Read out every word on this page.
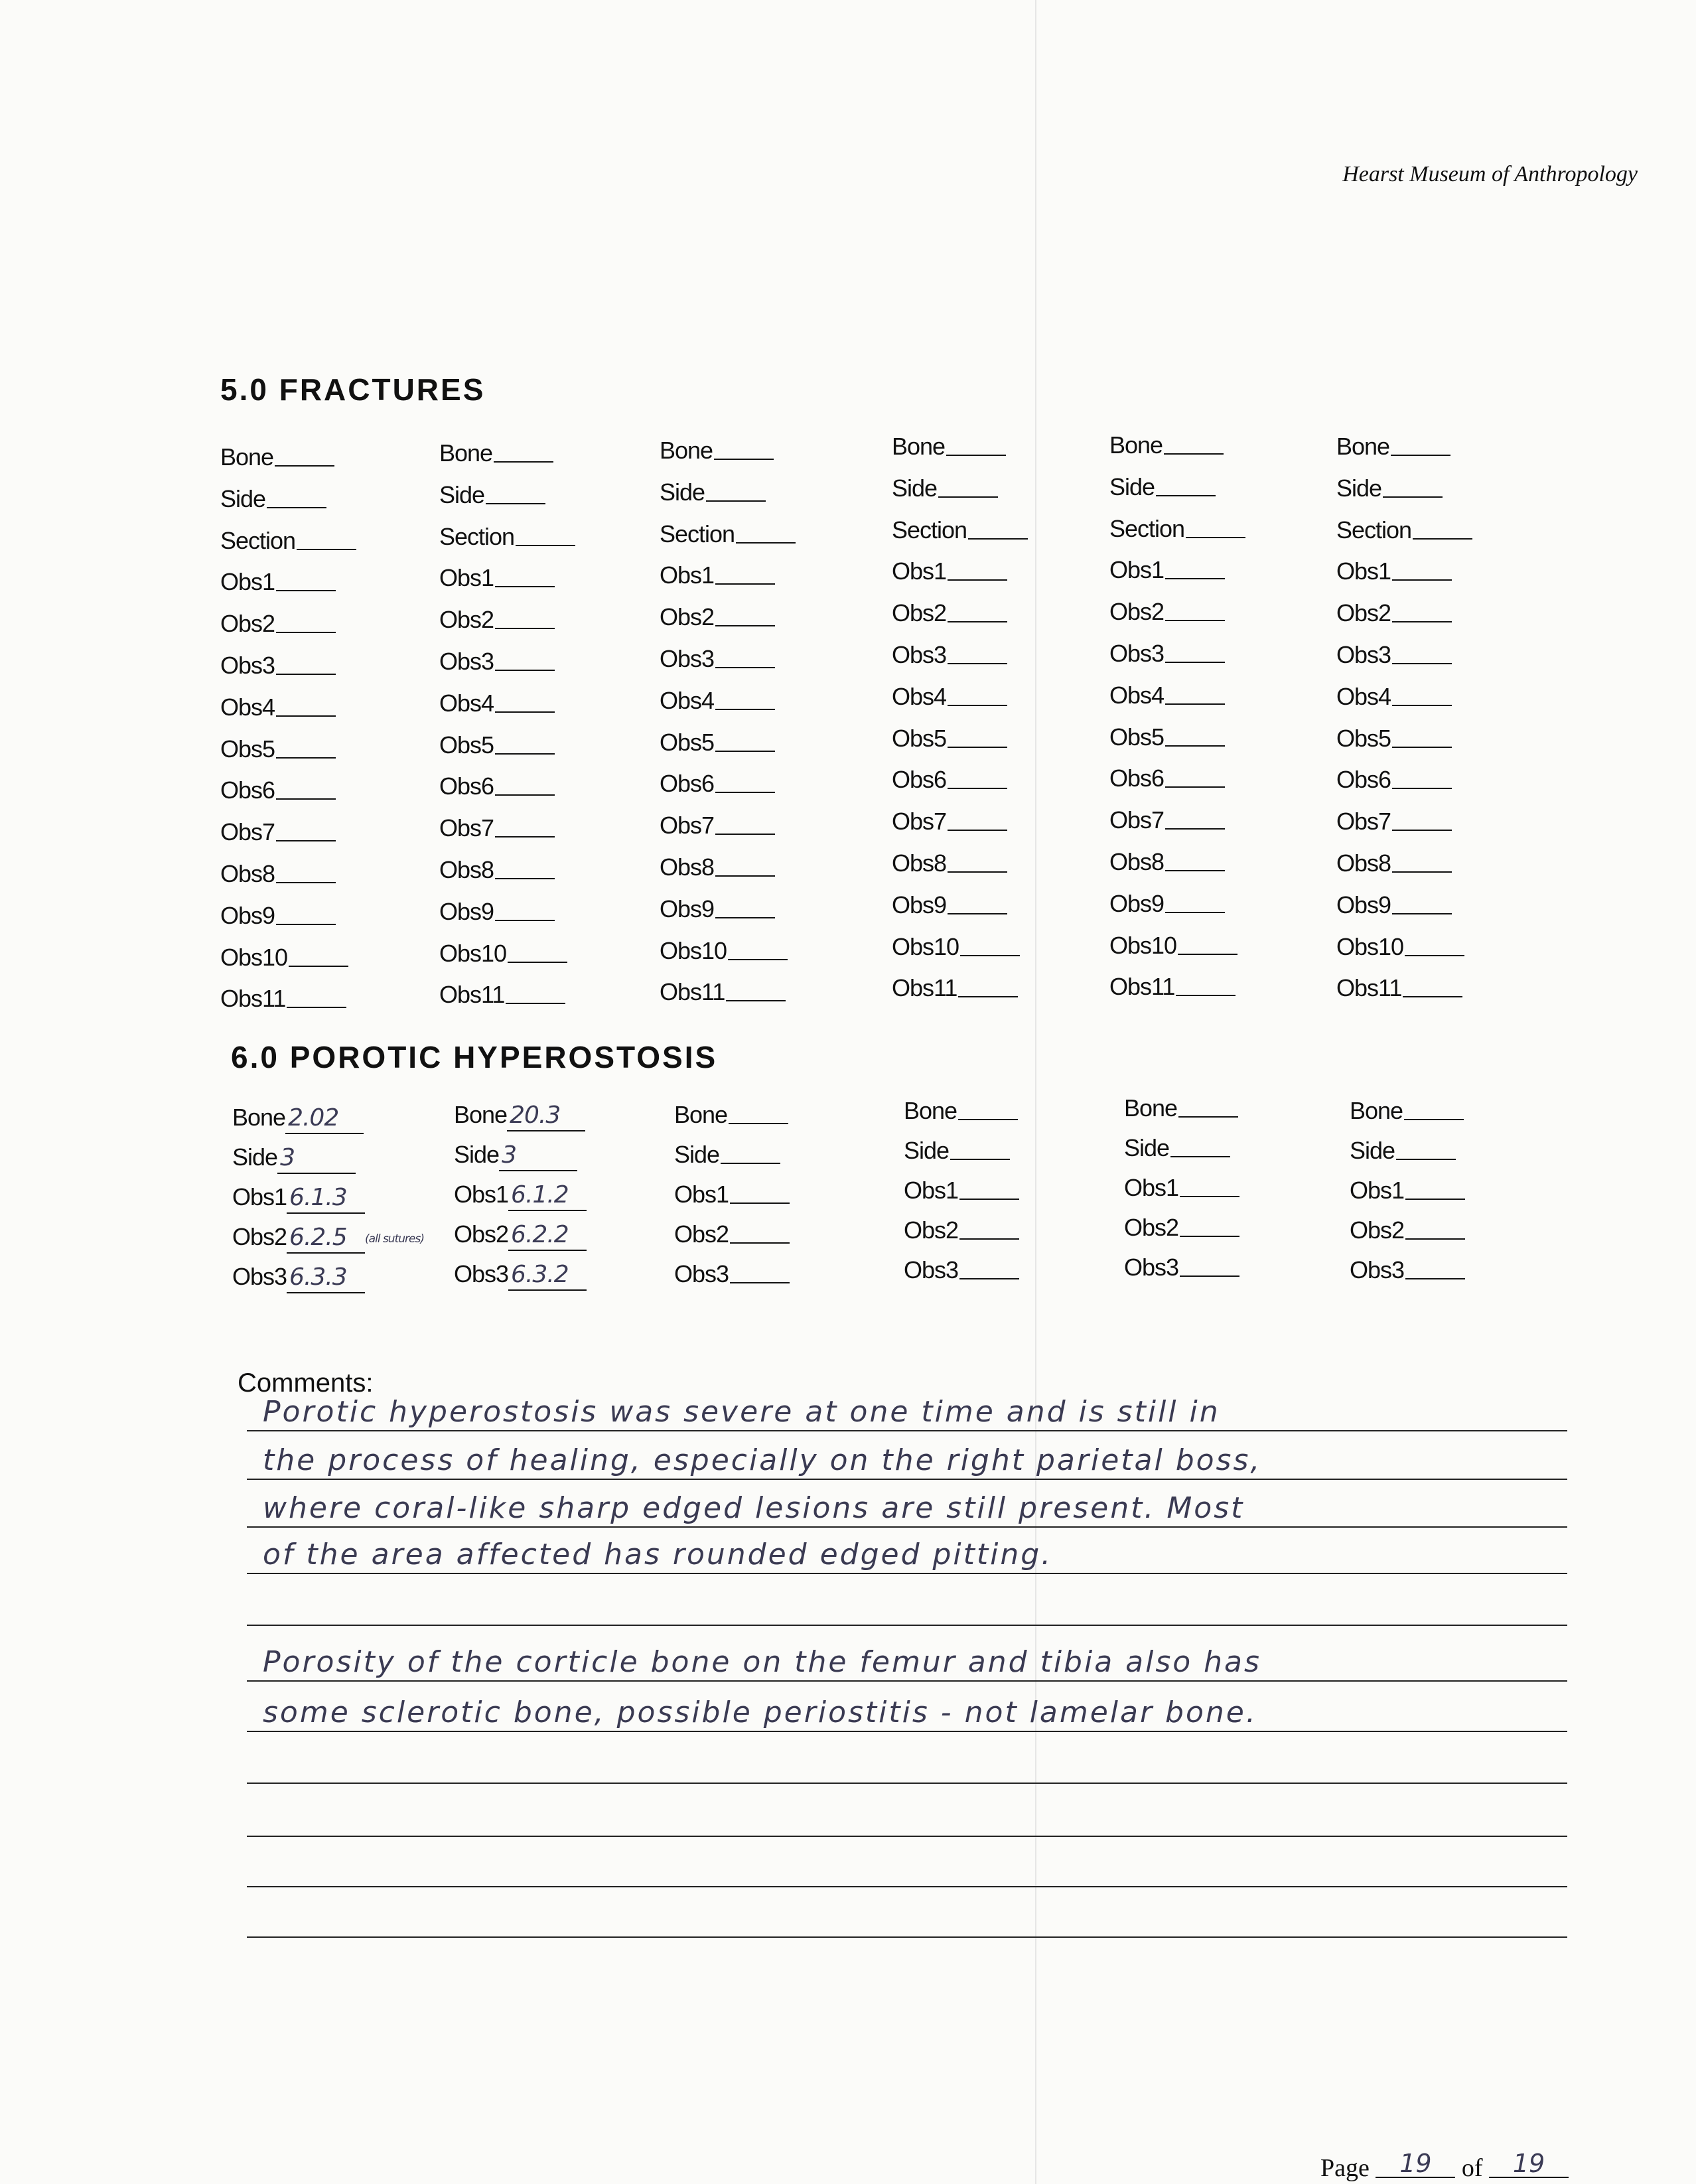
Hearst Museum of Anthropology
5.0 FRACTURES
Bone
Side
Section
Obs1
Obs2
Obs3
Obs4
Obs5
Obs6
Obs7
Obs8
Obs9
Obs10
Obs11
Bone
Side
Section
Obs1
Obs2
Obs3
Obs4
Obs5
Obs6
Obs7
Obs8
Obs9
Obs10
Obs11
Bone
Side
Section
Obs1
Obs2
Obs3
Obs4
Obs5
Obs6
Obs7
Obs8
Obs9
Obs10
Obs11
Bone
Side
Section
Obs1
Obs2
Obs3
Obs4
Obs5
Obs6
Obs7
Obs8
Obs9
Obs10
Obs11
Bone
Side
Section
Obs1
Obs2
Obs3
Obs4
Obs5
Obs6
Obs7
Obs8
Obs9
Obs10
Obs11
Bone
Side
Section
Obs1
Obs2
Obs3
Obs4
Obs5
Obs6
Obs7
Obs8
Obs9
Obs10
Obs11
6.0 POROTIC HYPEROSTOSIS
Bone 2.02
Side 3
Obs1 6.1.3
Obs2 6.2.5 (all sutures)
Obs3 6.3.3
Bone 20.3
Side 3
Obs1 6.1.2
Obs2 6.2.2
Obs3 6.3.2
Bone
Side
Obs1
Obs2
Obs3
Bone
Side
Obs1
Obs2
Obs3
Bone
Side
Obs1
Obs2
Obs3
Bone
Side
Obs1
Obs2
Obs3
Comments:
Porotic hyperostosis was severe at one time and is still in
the process of healing, especially on the right parietal boss,
where coral-like sharp edged lesions are still present. Most
of the area affected has rounded edged pitting.
Porosity of the corticle bone on the femur and tibia also has
some sclerotic bone, possible periostitis - not lamelar bone.
Page 19 of 19
